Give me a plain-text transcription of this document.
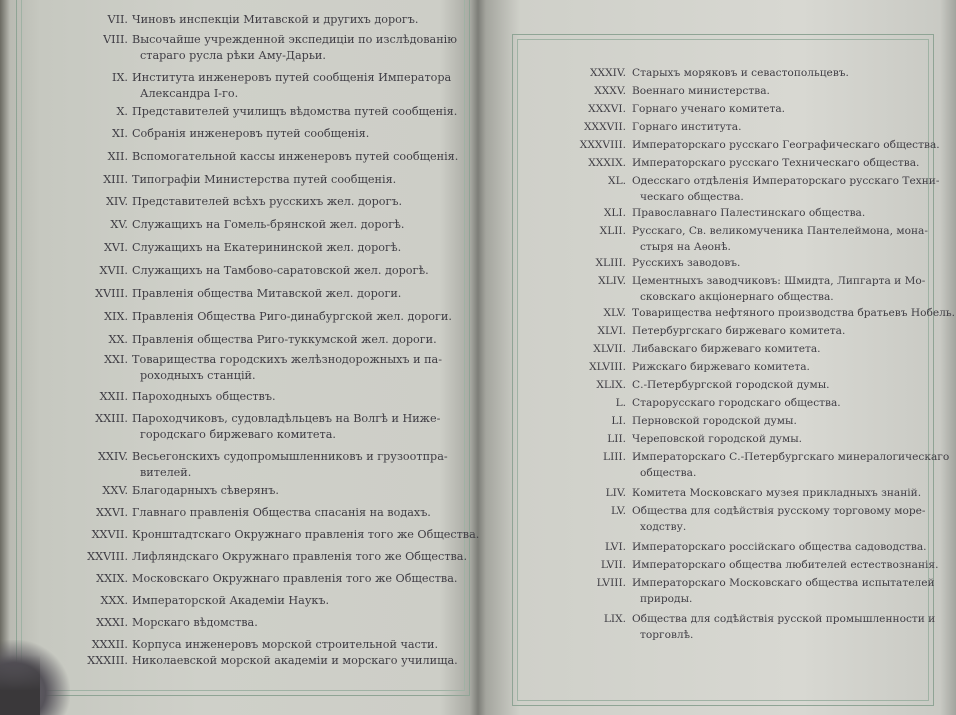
VII. Чиновъ инспекціи Митавской и другихъ дорогъ.
VIII. Высочайше учрежденной экспедиціи по изслѣдованію
стараго русла рѣки Аму-Дарьи.
IX. Института инженеровъ путей сообщенія Императора
Александра I-го.
X. Представителей училищъ вѣдомства путей сообщенія.
XI. Собранія инженеровъ путей сообщенія.
XII. Вспомогательной кассы инженеровъ путей сообщенія.
XIII. Типографіи Министерства путей сообщенія.
XIV. Представителей всѣхъ русскихъ жел. дорогъ.
XV. Служащихъ на Гомель-брянской жел. дорогѣ.
XVI. Служащихъ на Екатерининской жел. дорогѣ.
XVII. Служащихъ на Тамбово-саратовской жел. дорогѣ.
XVIII. Правленія общества Митавской жел. дороги.
XIX. Правленія Общества Риго-динабургской жел. дороги.
XX. Правленія общества Риго-туккумской жел. дороги.
XXI. Товарищества городскихъ желѣзнодорожныхъ и па-
роходныхъ станцій.
XXII. Пароходныхъ обществъ.
XXIII. Пароходчиковъ, судовладѣльцевъ на Волгѣ и Ниже-
городскаго биржеваго комитета.
XXIV. Весьегонскихъ судопромышленниковъ и грузоотпра-
вителей.
XXV. Благодарныхъ сѣверянъ.
XXVI. Главнаго правленія Общества спасанія на водахъ.
XXVII. Кронштадтскаго Окружнаго правленія того же Общества.
XXVIII. Лифляндскаго Окружнаго правленія того же Общества.
XXIX. Московскаго Окружнаго правленія того же Общества.
XXX. Императорской Академіи Наукъ.
XXXI. Морскаго вѣдомства.
XXXII. Корпуса инженеровъ морской строительной части.
XXXIII. Николаевской морской академіи и морскаго училища.
XXXIV. Старыхъ моряковъ и севастопольцевъ.
XXXV. Военнаго министерства.
XXXVI. Горнаго ученаго комитета.
XXXVII. Горнаго института.
XXXVIII. Императорскаго русскаго Географическаго общества.
XXXIX. Императорскаго русскаго Техническаго общества.
XL. Одесскаго отдѣленія Императорскаго русскаго Техни-
ческаго общества.
XLI. Православнаго Палестинскаго общества.
XLII. Русскаго, Св. великомученика Пантелеймона, мона-
стыря на Аѳонѣ.
XLIII. Русскихъ заводовъ.
XLIV. Цементныхъ заводчиковъ: Шмидта, Липгарта и Мо-
сковскаго акціонернаго общества.
XLV. Товарищества нефтяного производства братьевъ Нобель.
XLVI. Петербургскаго биржеваго комитета.
XLVII. Либавскаго биржеваго комитета.
XLVIII. Рижскаго биржеваго комитета.
XLIX. С.-Петербургской городской думы.
L. Старорусскаго городскаго общества.
LI. Перновской городской думы.
LII. Череповской городской думы.
LIII. Императорскаго С.-Петербургскаго минералогическаго
общества.
LIV. Комитета Московскаго музея прикладныхъ знаній.
LV. Общества для содѣйствія русскому торговому море-
ходству.
LVI. Императорскаго россійскаго общества садоводства.
LVII. Императорскаго общества любителей естествознанія.
LVIII. Императорскаго Московскаго общества испытателей
природы.
LIX. Общества для содѣйствія русской промышленности и
торговлѣ.
